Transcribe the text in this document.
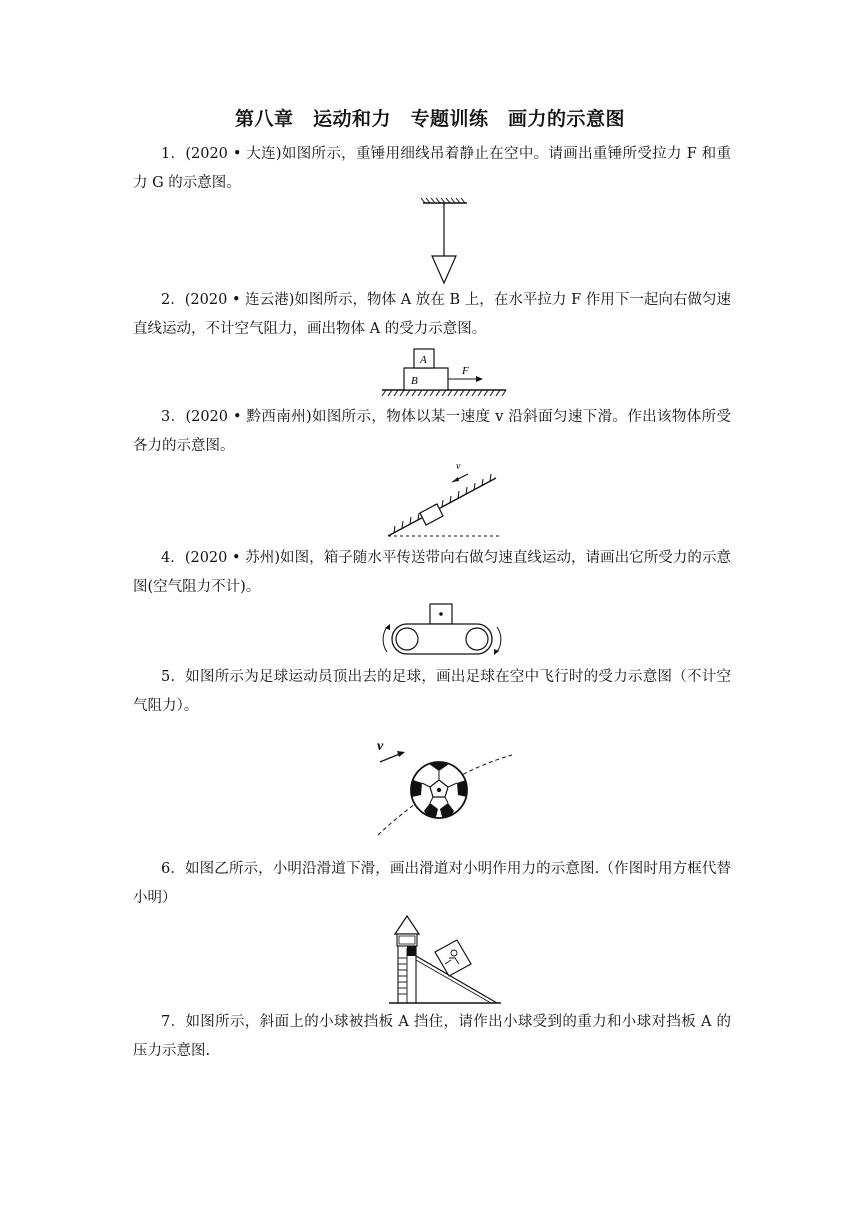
第八章　运动和力　专题训练　画力的示意图
1．(2020 • 大连)如图所示，重锤用细线吊着静止在空中。请画出重锤所受拉力 F 和重力 G 的示意图。
2．(2020 • 连云港)如图所示，物体 A 放在 B 上，在水平拉力 F 作用下一起向右做匀速直线运动，不计空气阻力，画出物体 A 的受力示意图。
A
B
F
3．(2020 • 黔西南州)如图所示，物体以某一速度 v 沿斜面匀速下滑。作出该物体所受各力的示意图。
v
4．(2020 • 苏州)如图，箱子随水平传送带向右做匀速直线运动，请画出它所受力的示意图(空气阻力不计)。
5．如图所示为足球运动员顶出去的足球，画出足球在空中飞行时的受力示意图（不计空气阻力）。
v
6．如图乙所示，小明沿滑道下滑，画出滑道对小明作用力的示意图.（作图时用方框代替小明）
7．如图所示，斜面上的小球被挡板 A 挡住，请作出小球受到的重力和小球对挡板 A 的压力示意图.
